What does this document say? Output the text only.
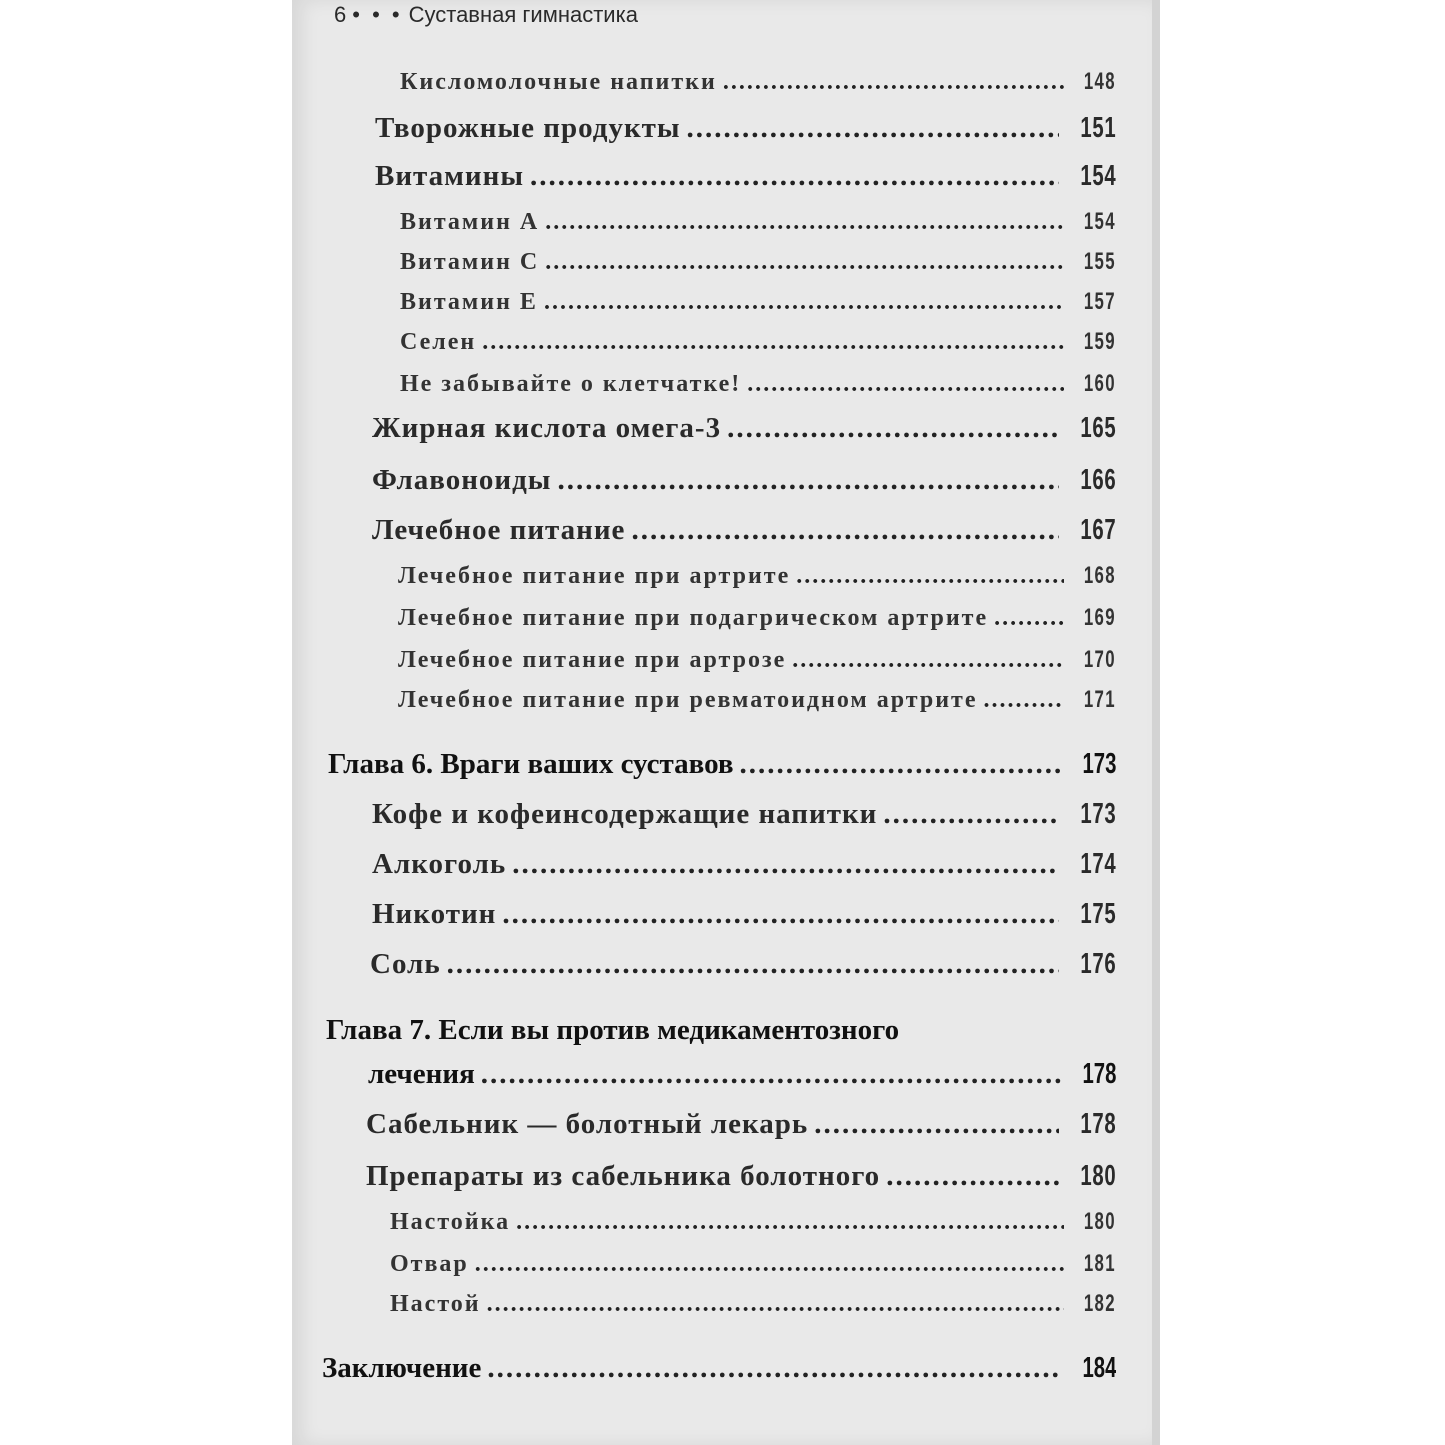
6 • • • Суставная гимнастика
Кисломолочные напитки .....	148
Творожные продукты .....	151
Витамины .....	154
Витамин А .....	154
Витамин С .....	155
Витамин Е .....	157
Селен .....	159
Не забывайте о клетчатке! .....	160
Жирная кислота омега-3 .....	165
Флавоноиды .....	166
Лечебное питание .....	167
Лечебное питание при артрите .....	168
Лечебное питание при подагрическом артрите .....	169
Лечебное питание при артрозе .....	170
Лечебное питание при ревматоидном артрите .....	171
Глава 6. Враги ваших суставов .....	173
Кофе и кофеинсодержащие напитки .....	173
Алкоголь .....	174
Никотин .....	175
Соль .....	176
Глава 7. Если вы против медикаментозного
лечения .....	178
Сабельник — болотный лекарь .....	178
Препараты из сабельника болотного .....	180
Настойка .....	180
Отвар .....	181
Настой .....	182
Заключение .....	184
